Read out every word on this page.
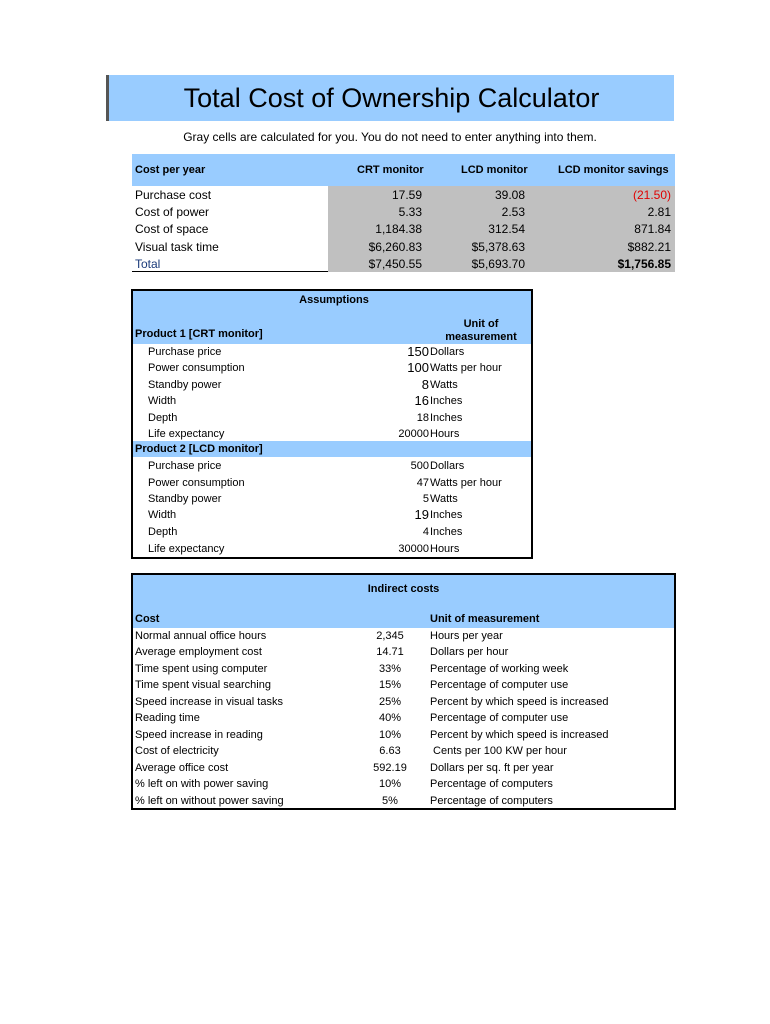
Total Cost of Ownership Calculator
Gray cells are calculated for you. You do not need to enter anything into them.
Cost per year	CRT monitor	LCD monitor	LCD monitor savings
Purchase cost	17.59	39.08	(21.50)
Cost of power	5.33	2.53	2.81
Cost of space	1,184.38	312.54	871.84
Visual task time	$6,260.83	$5,378.63	$882.21
Total	$7,450.55	$5,693.70	$1,756.85
Assumptions
Unit of measurement
Product 1 [CRT monitor]
Purchase price	150 Dollars
Power consumption	100 Watts per hour
Standby power	8 Watts
Width	16 Inches
Depth	18 Inches
Life expectancy	20000 Hours
Product 2 [LCD monitor]
Purchase price	500 Dollars
Power consumption	47 Watts per hour
Standby power	5 Watts
Width	19 Inches
Depth	4 Inches
Life expectancy	30000 Hours
Indirect costs
Cost	Unit of measurement
Normal annual office hours	2,345	Hours per year
Average employment cost	14.71	Dollars per hour
Time spent using computer	33%	Percentage of working week
Time spent visual searching	15%	Percentage of computer use
Speed increase in visual tasks	25%	Percent by which speed is increased
Reading time	40%	Percentage of computer use
Speed increase in reading	10%	Percent by which speed is increased
Cost of electricity	6.63	Cents per 100 KW per hour
Average office cost	592.19	Dollars per sq. ft per year
% left on with power saving	10%	Percentage of computers
% left on without power saving	5%	Percentage of computers
